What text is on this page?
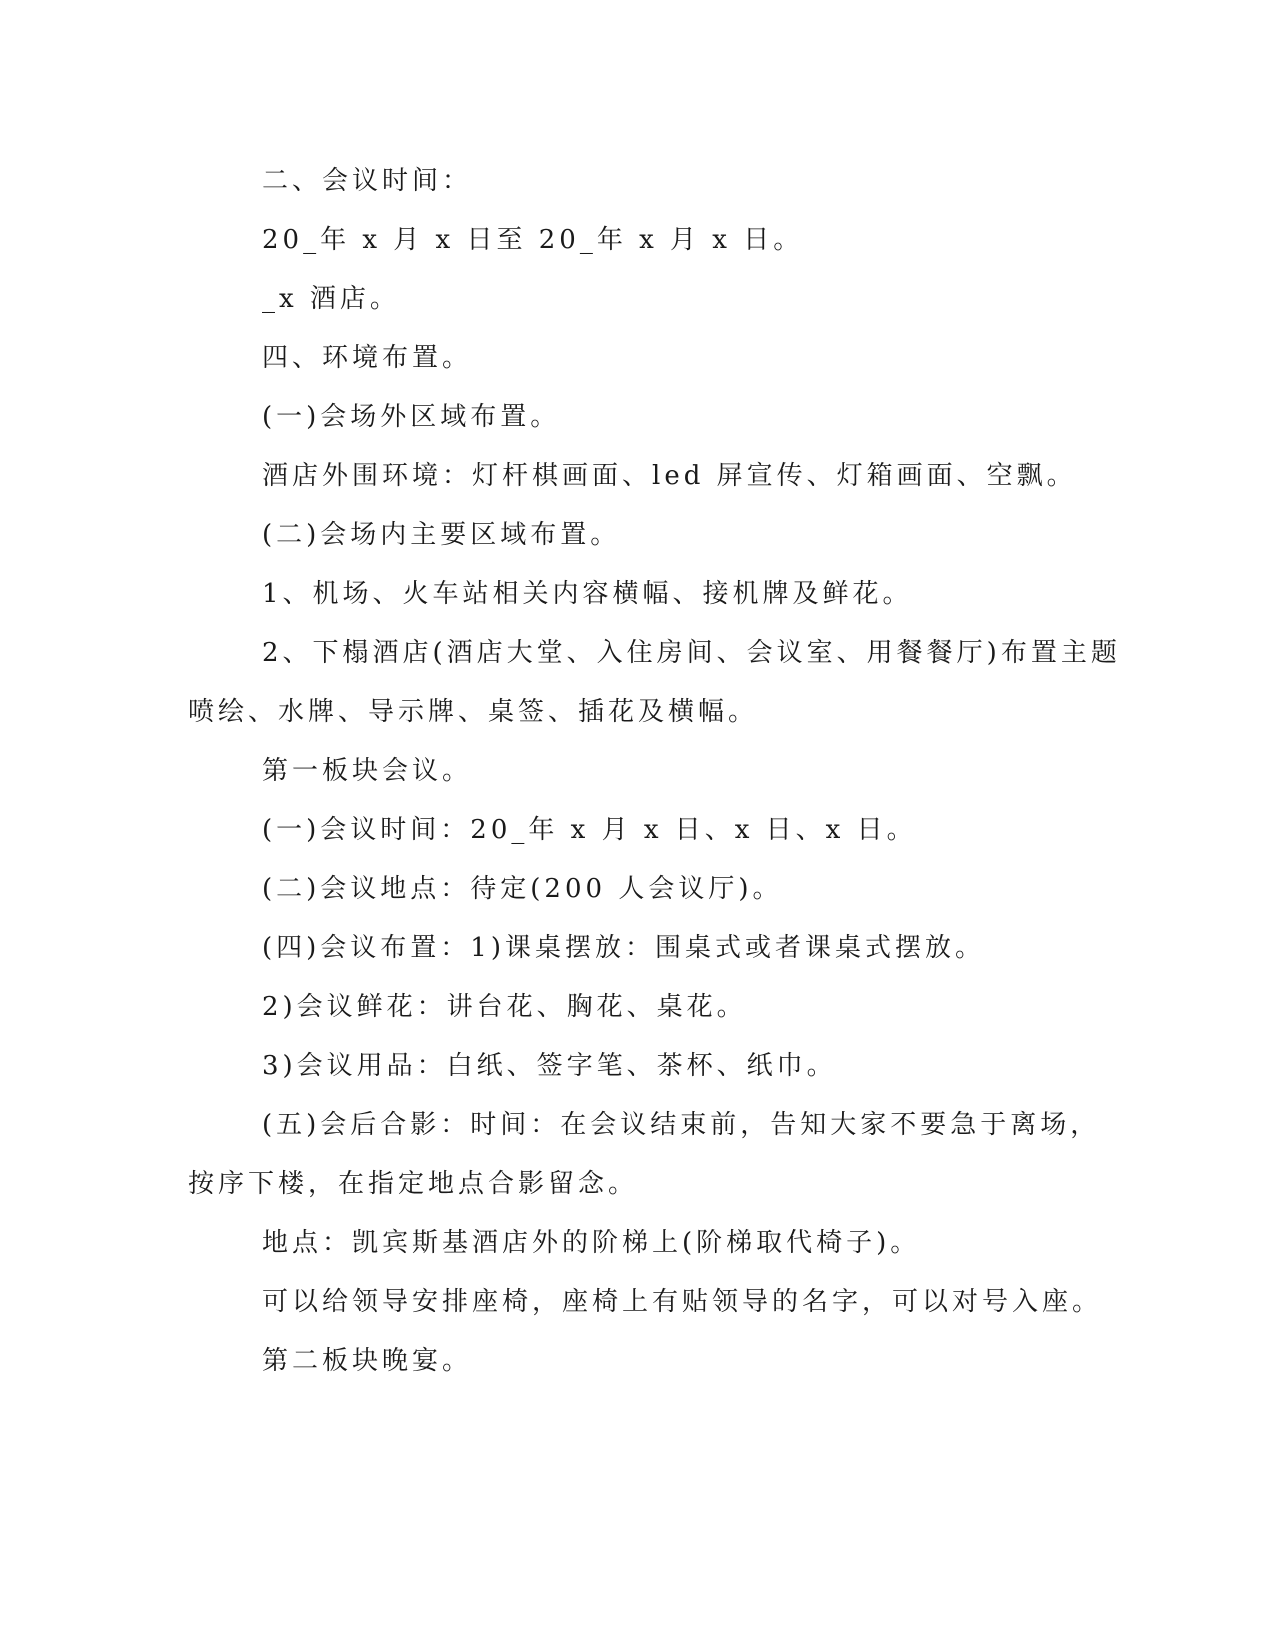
二、会议时间：

20_年 x 月 x 日至 20_年 x 月 x 日。

_x 酒店。

四、环境布置。

(一)会场外区域布置。

酒店外围环境：灯杆棋画面、led 屏宣传、灯箱画面、空飘。

(二)会场内主要区域布置。

1、机场、火车站相关内容横幅、接机牌及鲜花。

2、下榻酒店(酒店大堂、入住房间、会议室、用餐餐厅)布置主题

喷绘、水牌、导示牌、桌签、插花及横幅。

第一板块会议。

(一)会议时间：20_年 x 月 x 日、x 日、x 日。

(二)会议地点：待定(200 人会议厅)。

(四)会议布置：1)课桌摆放：围桌式或者课桌式摆放。

2)会议鲜花：讲台花、胸花、桌花。

3)会议用品：白纸、签字笔、茶杯、纸巾。

(五)会后合影：时间：在会议结束前，告知大家不要急于离场，

按序下楼，在指定地点合影留念。

地点：凯宾斯基酒店外的阶梯上(阶梯取代椅子)。

可以给领导安排座椅，座椅上有贴领导的名字，可以对号入座。

第二板块晚宴。
